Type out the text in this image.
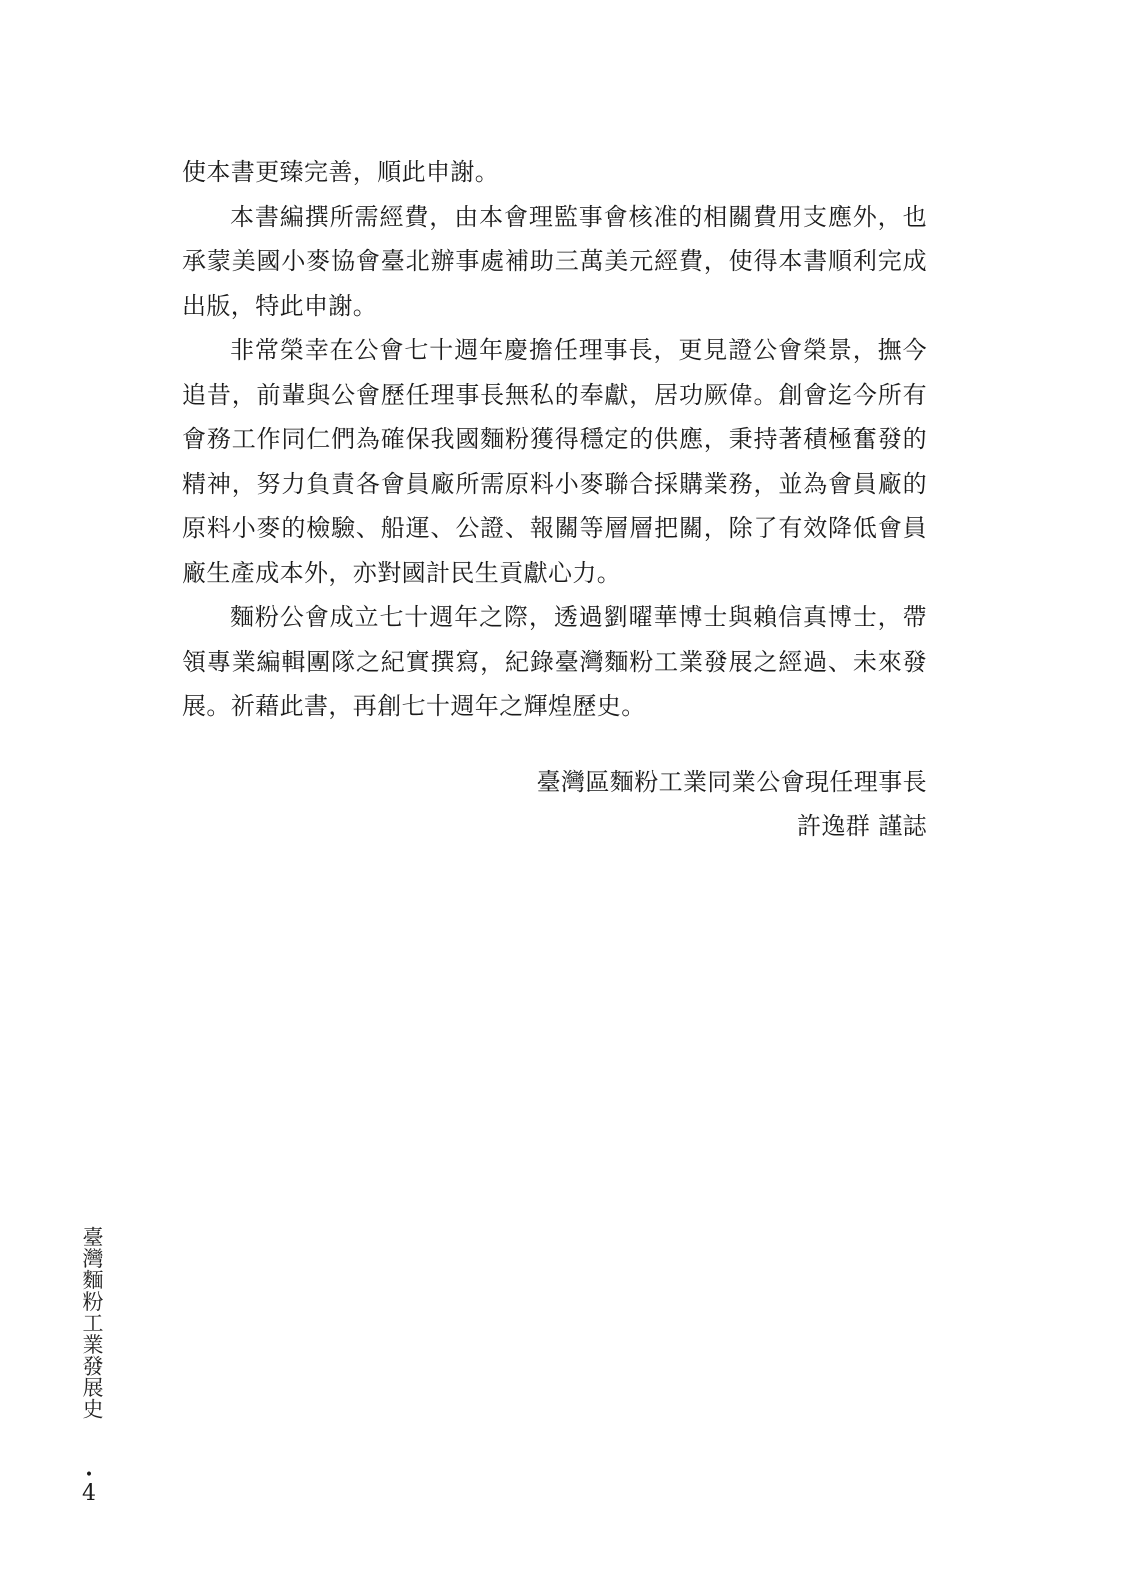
使本書更臻完善，順此申謝。

本書編撰所需經費，由本會理監事會核准的相關費用支應外，也承蒙美國小麥協會臺北辦事處補助三萬美元經費，使得本書順利完成出版，特此申謝。

非常榮幸在公會七十週年慶擔任理事長，更見證公會榮景，撫今追昔，前輩與公會歷任理事長無私的奉獻，居功厥偉。創會迄今所有會務工作同仁們為確保我國麵粉獲得穩定的供應，秉持著積極奮發的精神，努力負責各會員廠所需原料小麥聯合採購業務，並為會員廠的原料小麥的檢驗、船運、公證、報關等層層把關，除了有效降低會員廠生產成本外，亦對國計民生貢獻心力。

麵粉公會成立七十週年之際，透過劉曜華博士與賴信真博士，帶領專業編輯團隊之紀實撰寫，紀錄臺灣麵粉工業發展之經過、未來發展。祈藉此書，再創七十週年之輝煌歷史。

臺灣區麵粉工業同業公會現任理事長
許逸群 謹誌
臺灣麵粉工業發展史
•
4
